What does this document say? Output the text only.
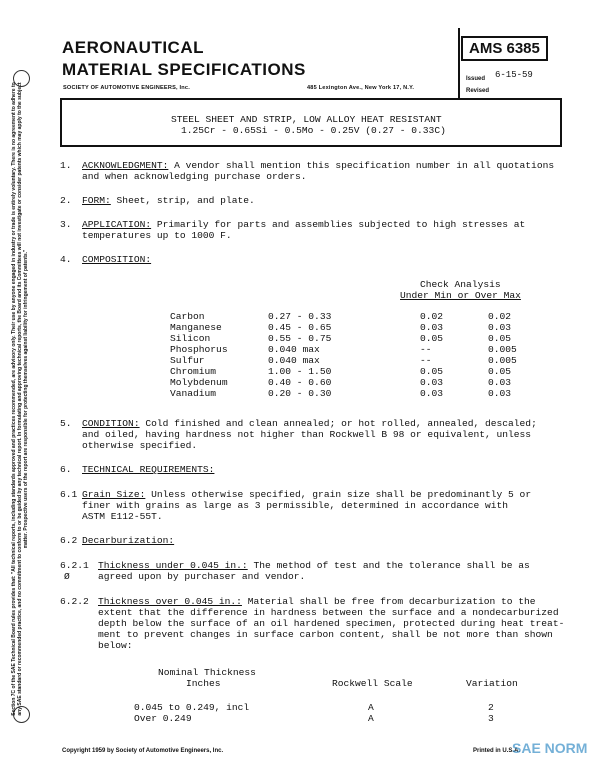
Section 7C of the SAE Technical Board rules provides that: "All technical reports, including standards approved and practices recommended, are advisory only. Their use by anyone engaged in industry or trade is entirely voluntary. There is no agreement to adhere to any SAE standard or recommended practice, and no commitment to conform to or be guided by any technical report. In formulating and approving technical reports, the Board and its Committees will not investigate or consider patents which may apply to the subject matter. Prospective users of the report are responsible for protecting themselves against liability for infringement of patents."
AERONAUTICAL
MATERIAL SPECIFICATIONS
SOCIETY OF AUTOMOTIVE ENGINEERS, Inc.	485 Lexington Ave., New York 17, N.Y.
AMS 6385
Issued 6-15-59
Revised
STEEL SHEET AND STRIP, LOW ALLOY HEAT RESISTANT
1.25Cr - 0.65Si - 0.5Mo - 0.25V (0.27 - 0.33C)
1. ACKNOWLEDGMENT: A vendor shall mention this specification number in all quotations
and when acknowledging purchase orders.
2. FORM: Sheet, strip, and plate.
3. APPLICATION: Primarily for parts and assemblies subjected to high stresses at
temperatures up to 1000 F.
4. COMPOSITION:
Check Analysis
Under Min or Over Max
Carbon	0.27 - 0.33	0.02	0.02
Manganese	0.45 - 0.65	0.03	0.03
Silicon	0.55 - 0.75	0.05	0.05
Phosphorus	0.040 max	--	0.005
Sulfur	0.040 max	--	0.005
Chromium	1.00 - 1.50	0.05	0.05
Molybdenum	0.40 - 0.60	0.03	0.03
Vanadium	0.20 - 0.30	0.03	0.03
5. CONDITION: Cold finished and clean annealed; or hot rolled, annealed, descaled;
and oiled, having hardness not higher than Rockwell B 98 or equivalent, unless
otherwise specified.
6. TECHNICAL REQUIREMENTS:
6.1 Grain Size: Unless otherwise specified, grain size shall be predominantly 5 or
finer with grains as large as 3 permissible, determined in accordance with
ASTM E112-55T.
6.2 Decarburization:
6.2.1
Ø
Thickness under 0.045 in.: The method of test and the tolerance shall be as
agreed upon by purchaser and vendor.
6.2.2 Thickness over 0.045 in.: Material shall be free from decarburization to the
extent that the difference in hardness between the surface and a nondecarburized
depth below the surface of an oil hardened specimen, protected during heat treat-
ment to prevent changes in surface carbon content, shall be not more than shown
below:
Nominal Thickness
Inches	Rockwell Scale	Variation
0.045 to 0.249, incl	A	2
Over 0.249	A	3
Copyright 1959 by Society of Automotive Engineers, Inc.	Printed in U.S.A.
SAE NORM
